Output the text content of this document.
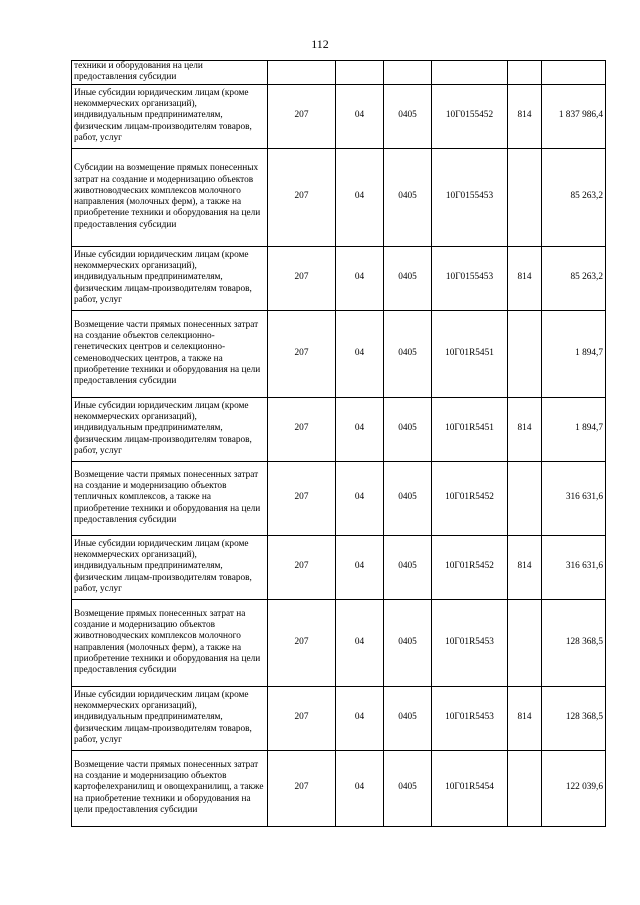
112
техники и оборудования на цели предоставления субсидии						
Иные субсидии юридическим лицам (кроме некоммерческих организаций), индивидуальным предпринимателям, физическим лицам-производителям товаров, работ, услуг	207	04	0405	10Г0155452	814	1 837 986,4
Субсидии на возмещение прямых понесенных затрат на создание и модернизацию объектов животноводческих комплексов молочного направления (молочных ферм), а также на приобретение техники и оборудования на цели предоставления субсидии	207	04	0405	10Г0155453		85 263,2
Иные субсидии юридическим лицам (кроме некоммерческих организаций), индивидуальным предпринимателям, физическим лицам-производителям товаров, работ, услуг	207	04	0405	10Г0155453	814	85 263,2
Возмещение части прямых понесенных затрат на создание объектов селекционно-генетических центров и селекционно-семеноводческих центров, а также на приобретение техники и оборудования на цели предоставления субсидии	207	04	0405	10Г01R5451		1 894,7
Иные субсидии юридическим лицам (кроме некоммерческих организаций), индивидуальным предпринимателям, физическим лицам-производителям товаров, работ, услуг	207	04	0405	10Г01R5451	814	1 894,7
Возмещение части прямых понесенных затрат на создание и модернизацию объектов тепличных комплексов, а также на приобретение техники и оборудования на цели предоставления субсидии	207	04	0405	10Г01R5452		316 631,6
Иные субсидии юридическим лицам (кроме некоммерческих организаций), индивидуальным предпринимателям, физическим лицам-производителям товаров, работ, услуг	207	04	0405	10Г01R5452	814	316 631,6
Возмещение прямых понесенных затрат на создание и модернизацию объектов животноводческих комплексов молочного направления (молочных ферм), а также на приобретение техники и оборудования на цели предоставления субсидии	207	04	0405	10Г01R5453		128 368,5
Иные субсидии юридическим лицам (кроме некоммерческих организаций), индивидуальным предпринимателям, физическим лицам-производителям товаров, работ, услуг	207	04	0405	10Г01R5453	814	128 368,5
Возмещение части прямых понесенных затрат на создание и модернизацию объектов картофелехранилищ и овощехранилищ, а также на приобретение техники и оборудования на цели предоставления субсидии	207	04	0405	10Г01R5454		122 039,6
